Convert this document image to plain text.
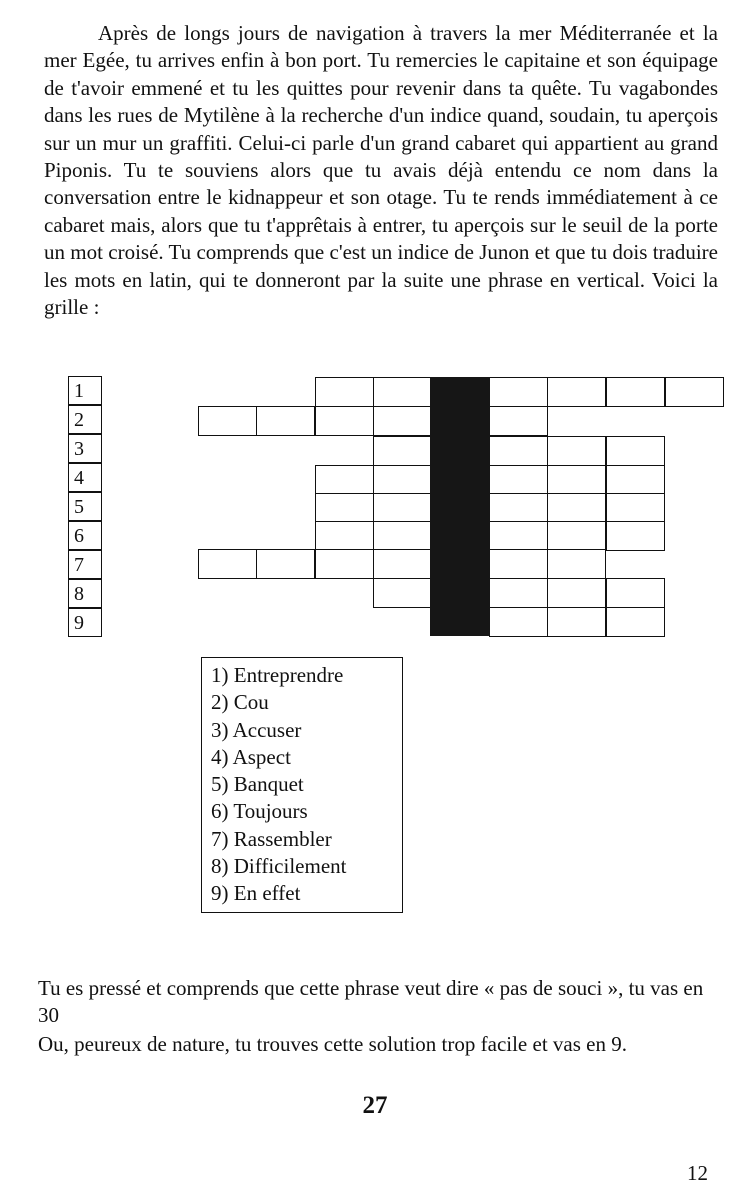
Après de longs jours de navigation à travers la mer Méditerranée et la mer Egée, tu arrives enfin à bon port. Tu remercies le capitaine et son équipage de t'avoir emmené et tu les quittes pour revenir dans ta quête. Tu vagabondes dans les rues de Mytilène à la recherche d'un indice quand, soudain, tu aperçois sur un mur un graffiti. Celui-ci parle d'un grand cabaret qui appartient au grand Piponis. Tu te souviens alors que tu avais déjà entendu ce nom dans la conversation entre le kidnappeur et son otage. Tu te rends immédiatement à ce cabaret mais, alors que tu t'apprêtais à entrer, tu aperçois sur le seuil de la porte un mot croisé. Tu comprends que c'est un indice de Junon et que tu dois traduire les mots en latin, qui te donneront par la suite une phrase en vertical. Voici la grille :

1
2
3
4
5
6
7
8
9
1) Entreprendre
2) Cou
3) Accuser
4) Aspect
5) Banquet
6) Toujours
7) Rassembler
8) Difficilement
9) En effet
Tu es pressé et comprends que cette phrase veut dire « pas de souci », tu vas en 30
Ou, peureux de nature, tu trouves cette solution trop facile et vas en 9.
27
12
